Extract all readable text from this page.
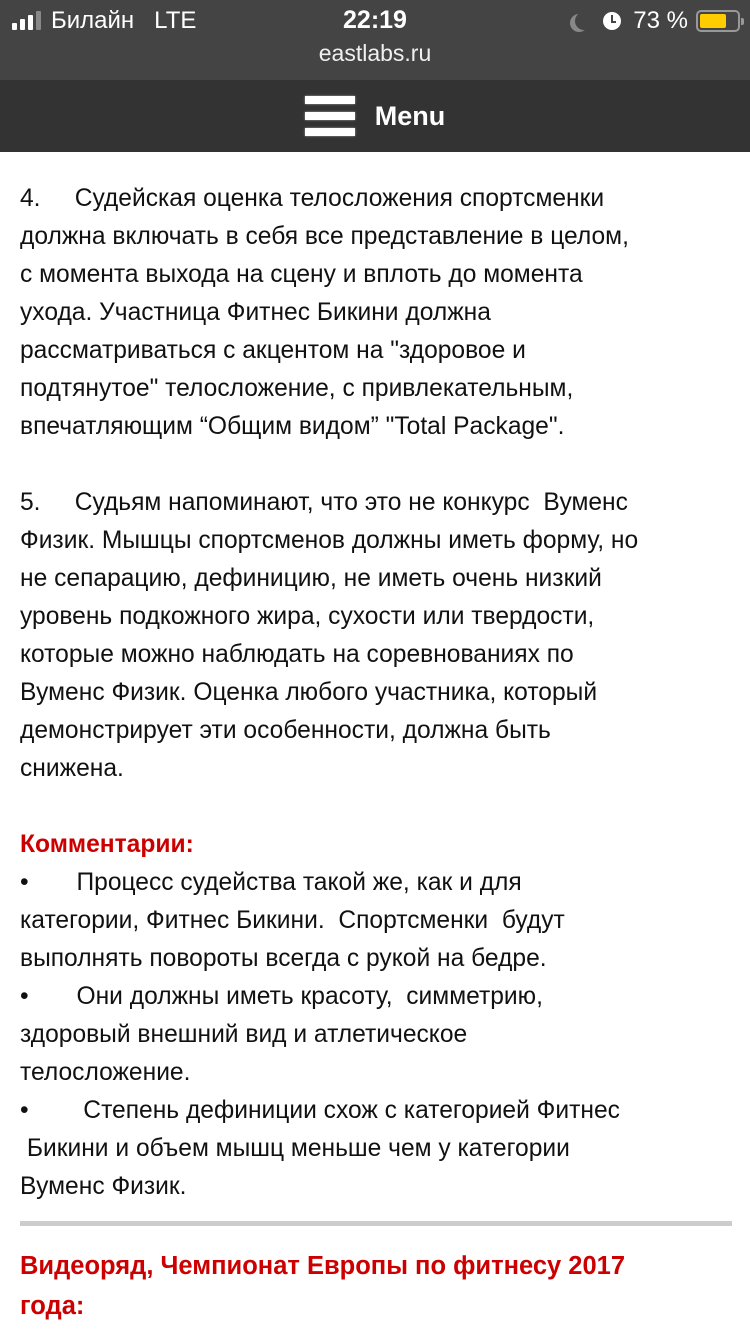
Билайн LTE	22:19	73 %
eastlabs.ru
Menu

4. Судейская оценка телосложения спортсменки

должна включать в себя все представление в целом,

с момента выхода на сцену и вплоть до момента

ухода. Участница Фитнес Бикини должна

рассматриваться с акцентом на "здоровое и

подтянутое" телосложение, с привлекательным,

впечатляющим “Общим видом” "Total Package".

5. Судьям напоминают, что это не конкурс  Вуменс

Физик. Мышцы спортсменов должны иметь форму, но

не сепарацию, дефиницию, не иметь очень низкий

уровень подкожного жира, сухости или твердости,

которые можно наблюдать на соревнованиях по

Вуменс Физик. Оценка любого участника, который

демонстрирует эти особенности, должна быть

снижена.

Комментарии:

• Процесс судейства такой же, как и для

категории, Фитнес Бикини.  Спортсменки  будут

выполнять повороты всегда с рукой на бедре.

• Они должны иметь красоту,  симметрию,

здоровый внешний вид и атлетическое

телосложение.

•        Степень дефиниции схож с категорией Фитнес

Бикини и объем мышц меньше чем у категории

Вуменс Физик.

Видеоряд, Чемпионат Европы по фитнесу 2017

года:
